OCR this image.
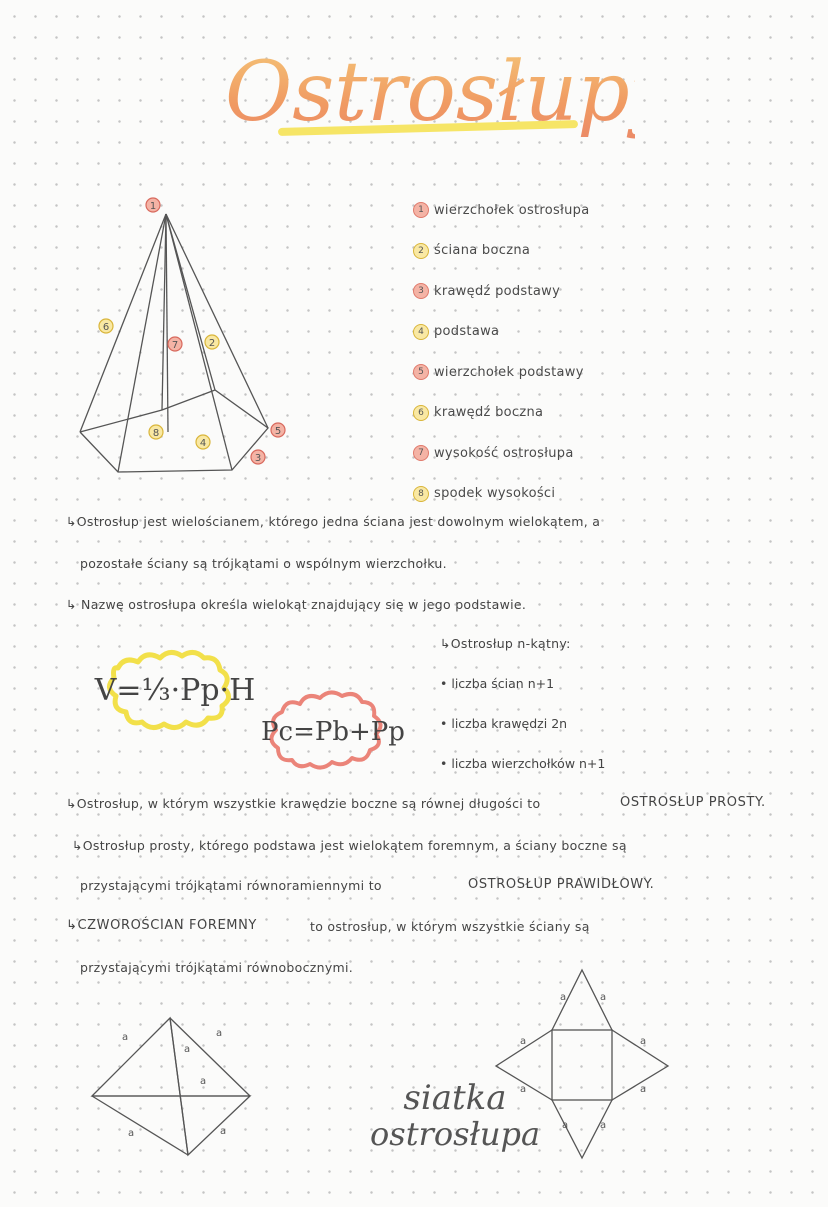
Ostrosłupy
1
6
7	2
8
4
5
3
a	a
a
a
a	a
a	a
a	a
a	a
a	a
1 wierzchołek ostrosłupa
2 ściana boczna
3 krawędź podstawy
4 podstawa
5 wierzchołek podstawy
6 krawędź boczna
7 wysokość ostrosłupa
8 spodek wysokości
↳Ostrosłup jest wielościanem, którego jedna ściana jest dowolnym wielokątem, a
pozostałe ściany są trójkątami o wspólnym wierzchołku.
↳ Nazwę ostrosłupa określa wielokąt znajdujący się w jego podstawie.
↳Ostrosłup n-kątny:
• liczba ścian n+1
• liczba krawędzi 2n
• liczba wierzchołków n+1
V=⅓·Pp·H
Pc=Pb+Pp
↳Ostrosłup, w którym wszystkie krawędzie boczne są równej długości to	OSTROSŁUP PROSTY.
↳Ostrosłup prosty, którego podstawa jest wielokątem foremnym, a ściany boczne są
przystającymi trójkątami równoramiennymi to	OSTROSŁUP PRAWIDŁOWY.
↳CZWOROŚCIAN FOREMNY	to ostrosłup, w którym wszystkie ściany są
przystającymi trójkątami równobocznymi.
siatka
ostrosłupa
